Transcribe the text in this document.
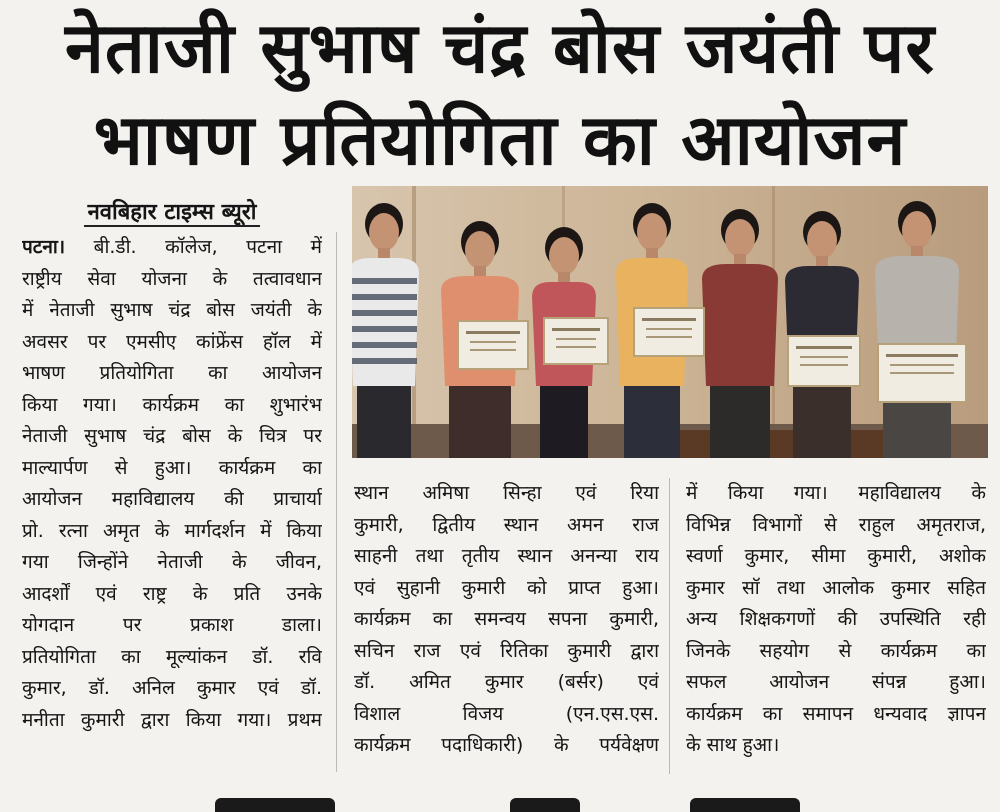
नेताजी सुभाष चंद्र बोस जयंती पर
भाषण प्रतियोगिता का आयोजन
नवबिहार टाइम्स ब्यूरो
पटना। बी.डी. कॉलेज, पटना में
राष्ट्रीय सेवा योजना के तत्वावधान
में नेताजी सुभाष चंद्र बोस जयंती के
अवसर पर एमसीए कांफ्रेंस हॉल में
भाषण प्रतियोगिता का आयोजन
किया गया। कार्यक्रम का शुभारंभ
नेताजी सुभाष चंद्र बोस के चित्र पर
माल्यार्पण से हुआ। कार्यक्रम का
आयोजन महाविद्यालय की प्राचार्या
प्रो. रत्ना अमृत के मार्गदर्शन में किया
गया जिन्होंने नेताजी के जीवन,
आदर्शों एवं राष्ट्र के प्रति उनके
योगदान पर प्रकाश डाला।
प्रतियोगिता का मूल्यांकन डॉ. रवि
कुमार, डॉ. अनिल कुमार एवं डॉ.
मनीता कुमारी द्वारा किया गया। प्रथम
स्थान अमिषा सिन्हा एवं रिया
कुमारी, द्वितीय स्थान अमन राज
साहनी तथा तृतीय स्थान अनन्या राय
एवं सुहानी कुमारी को प्राप्त हुआ।
कार्यक्रम का समन्वय सपना कुमारी,
सचिन राज एवं रितिका कुमारी द्वारा
डॉ. अमित कुमार (बर्सर) एवं
विशाल विजय (एन.एस.एस.
कार्यक्रम पदाधिकारी) के पर्यवेक्षण
में किया गया। महाविद्यालय के
विभिन्न विभागों से राहुल अमृतराज,
स्वर्णा कुमार, सीमा कुमारी, अशोक
कुमार सॉ तथा आलोक कुमार सहित
अन्य शिक्षकगणों की उपस्थिति रही
जिनके सहयोग से कार्यक्रम का
सफल आयोजन संपन्न हुआ।
कार्यक्रम का समापन धन्यवाद ज्ञापन
के साथ हुआ।
